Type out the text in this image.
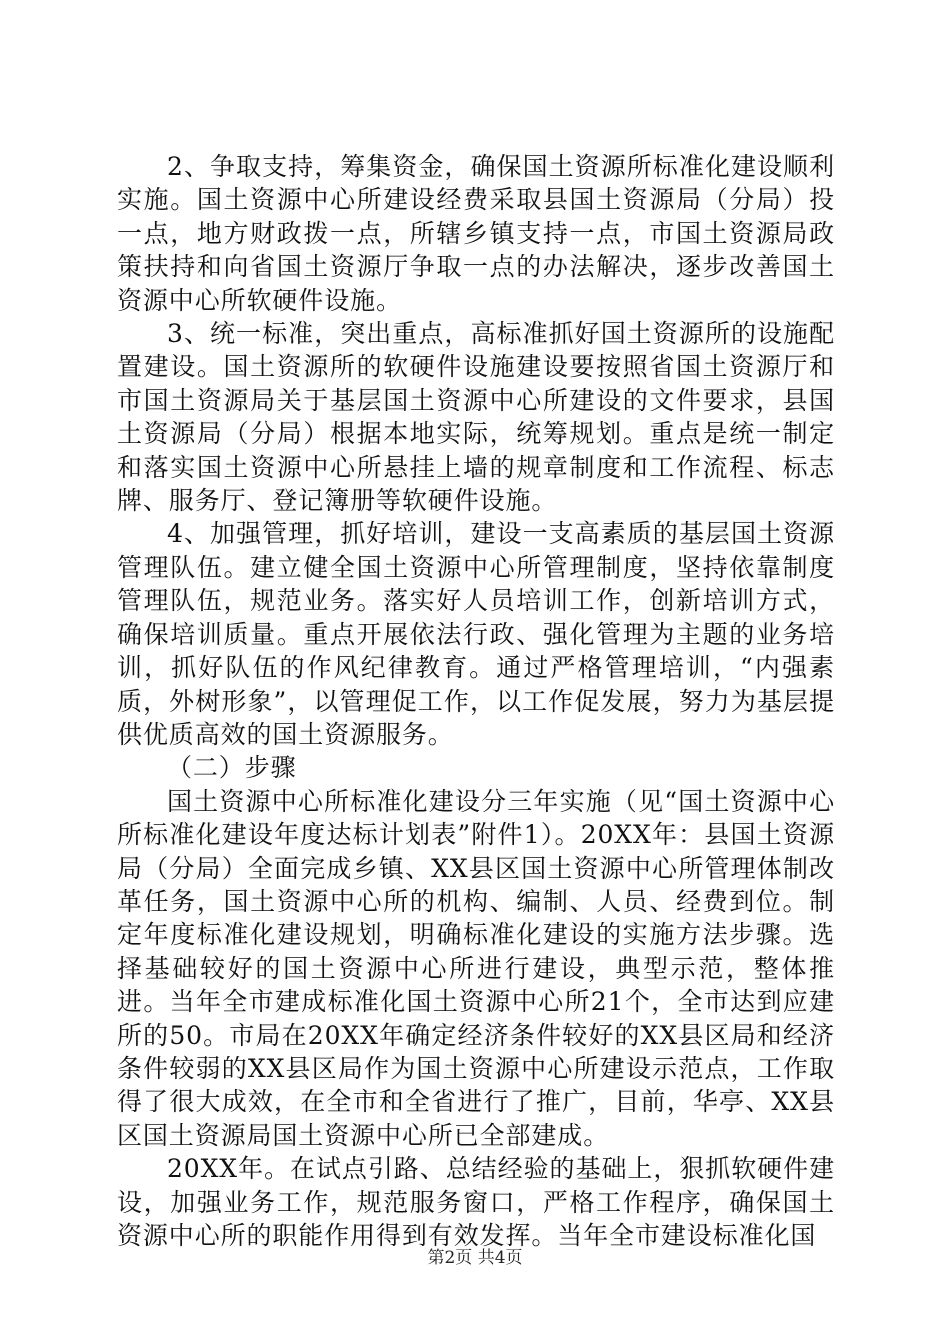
2、争取支持，筹集资金，确保国土资源所标准化建设顺利实施。国土资源中心所建设经费采取县国土资源局（分局）投一点，地方财政拨一点，所辖乡镇支持一点，市国土资源局政策扶持和向省国土资源厅争取一点的办法解决，逐步改善国土资源中心所软硬件设施。

3、统一标准，突出重点，高标准抓好国土资源所的设施配置建设。国土资源所的软硬件设施建设要按照省国土资源厅和市国土资源局关于基层国土资源中心所建设的文件要求，县国土资源局（分局）根据本地实际，统筹规划。重点是统一制定和落实国土资源中心所悬挂上墙的规章制度和工作流程、标志牌、服务厅、登记簿册等软硬件设施。

4、加强管理，抓好培训，建设一支高素质的基层国土资源管理队伍。建立健全国土资源中心所管理制度，坚持依靠制度管理队伍，规范业务。落实好人员培训工作，创新培训方式，确保培训质量。重点开展依法行政、强化管理为主题的业务培训，抓好队伍的作风纪律教育。通过严格管理培训，“内强素质，外树形象”，以管理促工作，以工作促发展，努力为基层提供优质高效的国土资源服务。

（二）步骤

国土资源中心所标准化建设分三年实施（见“国土资源中心所标准化建设年度达标计划表”附件1）。20XX年：县国土资源局（分局）全面完成乡镇、XX县区国土资源中心所管理体制改革任务，国土资源中心所的机构、编制、人员、经费到位。制定年度标准化建设规划，明确标准化建设的实施方法步骤。选择基础较好的国土资源中心所进行建设，典型示范，整体推进。当年全市建成标准化国土资源中心所21个，全市达到应建所的50。市局在20XX年确定经济条件较好的XX县区局和经济条件较弱的XX县区局作为国土资源中心所建设示范点，工作取得了很大成效，在全市和全省进行了推广，目前，华亭、XX县区国土资源局国土资源中心所已全部建成。

20XX年。在试点引路、总结经验的基础上，狠抓软硬件建设，加强业务工作，规范服务窗口，严格工作程序，确保国土资源中心所的职能作用得到有效发挥。当年全市建设标准化国

第2页 共4页
